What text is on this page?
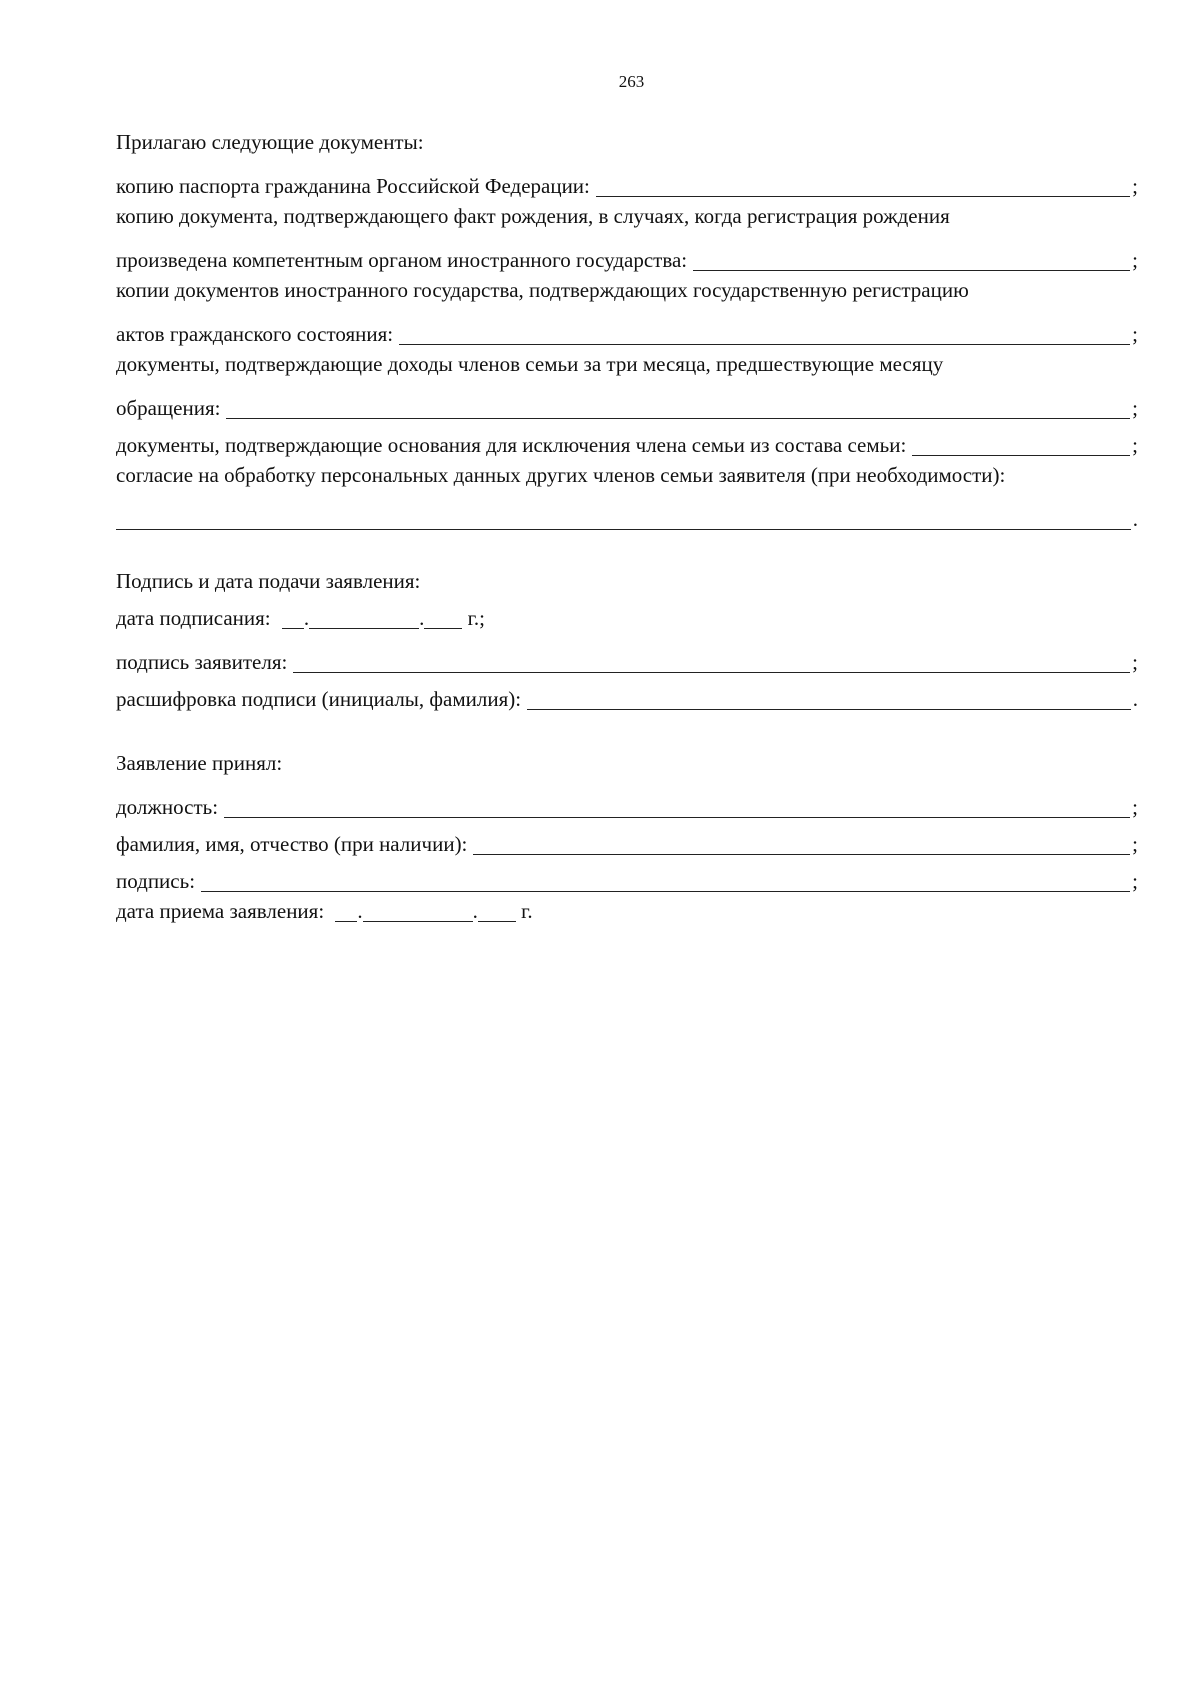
263
Прилагаю следующие документы:
копию паспорта гражданина Российской Федерации:	;
копию документа, подтверждающего факт рождения, в случаях, когда регистрация рождения
произведена компетентным органом иностранного государства:	;
копии документов иностранного государства, подтверждающих государственную регистрацию
актов гражданского состояния:	;
документы, подтверждающие доходы членов семьи за три месяца, предшествующие месяцу
обращения:	;
документы, подтверждающие основания для исключения члена семьи из состава семьи:	;
согласие на обработку персональных данных других членов семьи заявителя (при необходимости):
.
Подпись и дата подачи заявления:
дата подписания: .	. г.;
подпись заявителя:	;
расшифровка подписи (инициалы, фамилия):	.
Заявление принял:
должность:	;
фамилия, имя, отчество (при наличии):	;
подпись:	;
дата приема заявления: .	. г.
